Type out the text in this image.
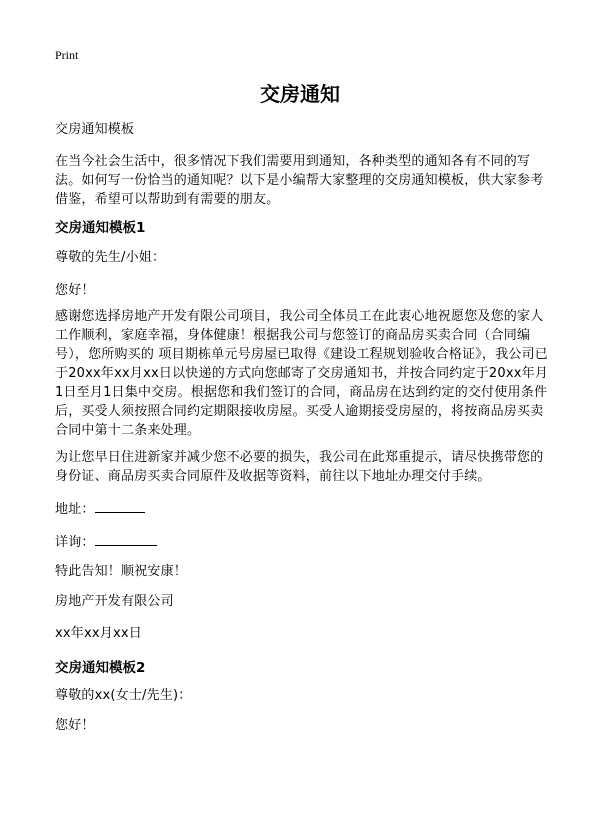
Print
交房通知

交房通知模板

在当今社会生活中，很多情况下我们需要用到通知，各种类型的通知各有不同的写法。如何写一份恰当的通知呢？以下是小编帮大家整理的交房通知模板，供大家参考借鉴，希望可以帮助到有需要的朋友。

交房通知模板1

尊敬的先生/小姐：

您好！

感谢您选择房地产开发有限公司项目，我公司全体员工在此衷心地祝愿您及您的家人工作顺利，家庭幸福，身体健康！根据我公司与您签订的商品房买卖合同（合同编号），您所购买的 项目期栋单元号房屋已取得《建设工程规划验收合格证》，我公司已于20xx年xx月xx日以快递的方式向您邮寄了交房通知书，并按合同约定于20xx年月1日至月1日集中交房。根据您和我们签订的合同，商品房在达到约定的交付使用条件后，买受人须按照合同约定期限接收房屋。买受人逾期接受房屋的，将按商品房买卖合同中第十二条来处理。

为让您早日住进新家并减少您不必要的损失，我公司在此郑重提示，请尽快携带您的身份证、商品房买卖合同原件及收据等资料，前往以下地址办理交付手续。

地址：

详询：

特此告知！顺祝安康！

房地产开发有限公司

xx年xx月xx日

交房通知模板2

尊敬的xx(女士/先生)：

您好！
